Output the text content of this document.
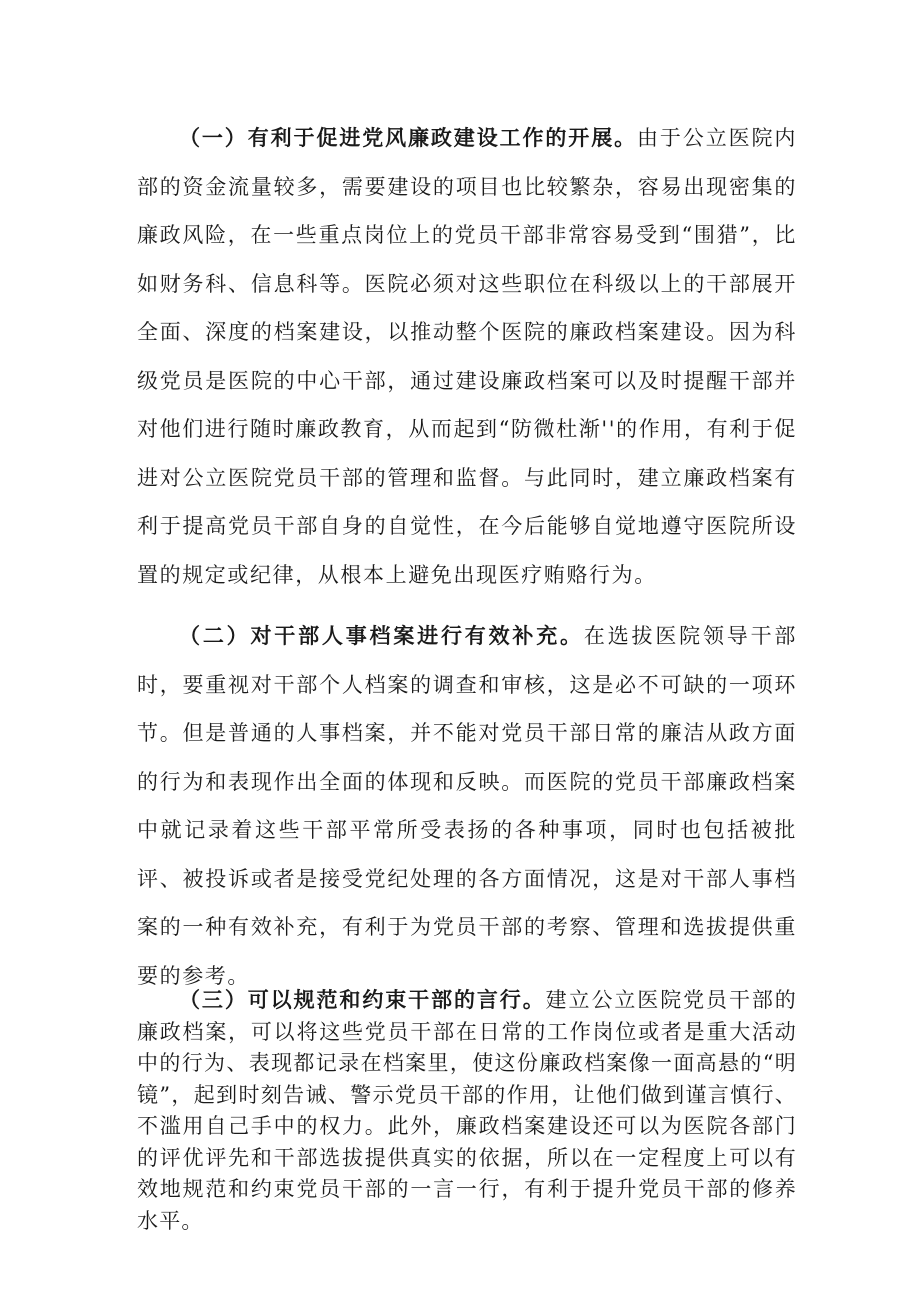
（一）有利于促进党风廉政建设工作的开展。由于公立医院内部的资金流量较多，需要建设的项目也比较繁杂，容易出现密集的廉政风险，在一些重点岗位上的党员干部非常容易受到“围猎”，比如财务科、信息科等。医院必须对这些职位在科级以上的干部展开全面、深度的档案建设，以推动整个医院的廉政档案建设。因为科级党员是医院的中心干部，通过建设廉政档案可以及时提醒干部并对他们进行随时廉政教育，从而起到“防微杜渐''的作用，有利于促进对公立医院党员干部的管理和监督。与此同时，建立廉政档案有利于提高党员干部自身的自觉性，在今后能够自觉地遵守医院所设置的规定或纪律，从根本上避免出现医疗贿赂行为。

（二）对干部人事档案进行有效补充。在选拔医院领导干部时，要重视对干部个人档案的调查和审核，这是必不可缺的一项环节。但是普通的人事档案，并不能对党员干部日常的廉洁从政方面的行为和表现作出全面的体现和反映。而医院的党员干部廉政档案中就记录着这些干部平常所受表扬的各种事项，同时也包括被批评、被投诉或者是接受党纪处理的各方面情况，这是对干部人事档案的一种有效补充，有利于为党员干部的考察、管理和选拔提供重要的参考。

（三）可以规范和约束干部的言行。建立公立医院党员干部的廉政档案，可以将这些党员干部在日常的工作岗位或者是重大活动中的行为、表现都记录在档案里，使这份廉政档案像一面高悬的“明镜”，起到时刻告诫、警示党员干部的作用，让他们做到谨言慎行、不滥用自己手中的权力。此外，廉政档案建设还可以为医院各部门的评优评先和干部选拔提供真实的依据，所以在一定程度上可以有效地规范和约束党员干部的一言一行，有利于提升党员干部的修养水平。
